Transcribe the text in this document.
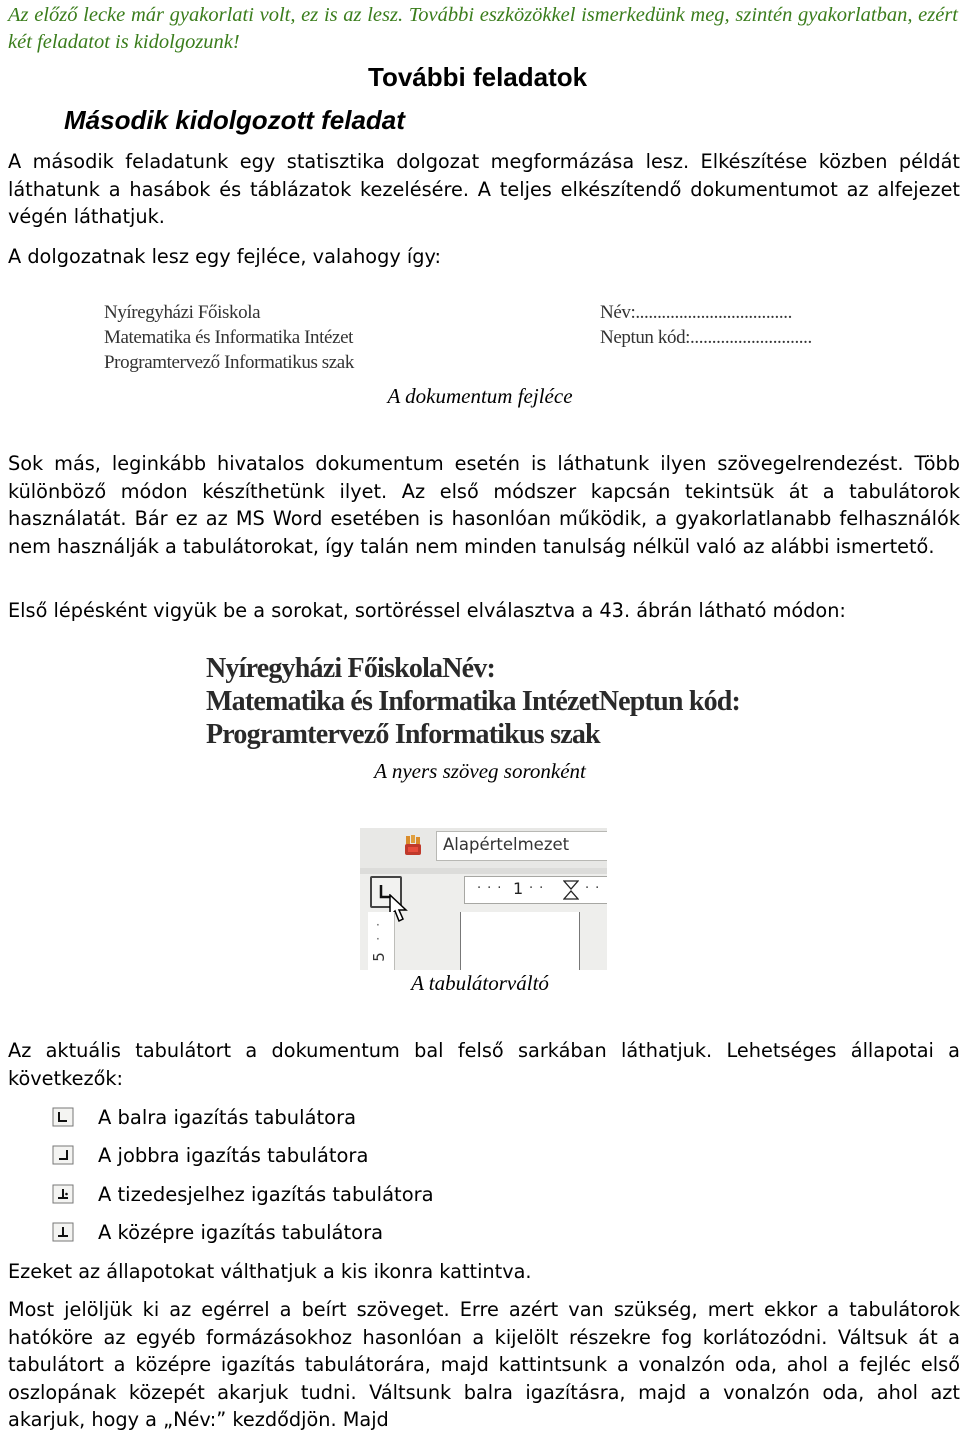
Az előző lecke már gyakorlati volt, ez is az lesz. További eszközökkel ismerkedünk meg, szintén gyakorlatban, ezért két feladatot is kidolgozunk!
További feladatok
Második kidolgozott feladat
A második feladatunk egy statisztika dolgozat megformázása lesz. Elkészítése közben példát láthatunk a hasábok és táblázatok kezelésére. A teljes elkészítendő dokumentumot az alfejezet végén láthatjuk.
A dolgozatnak lesz egy fejléce, valahogy így:
Nyíregyházi Főiskola
Matematika és Informatika Intézet
Programtervező Informatikus szak
Név:....................................
Neptun kód:............................
A dokumentum fejléce
Sok más, leginkább hivatalos dokumentum esetén is láthatunk ilyen szövegelrendezést. Több különböző módon készíthetünk ilyet. Az első módszer kapcsán tekintsük át a tabulátorok használatát. Bár ez az MS Word esetében is hasonlóan működik, a gyakorlatlanabb felhasználók nem használják a tabulátorokat, így talán nem minden tanulság nélkül való az alábbi ismertető.
Első lépésként vigyük be a sorokat, sortöréssel elválasztva a 43. ábrán látható módon:
Nyíregyházi FőiskolaNév:
Matematika és Informatika IntézetNeptun kód:
Programtervező Informatikus szak
A nyers szöveg soronként
Alapértelmezet
··· 1 ··	··
·
·
5
A tabulátorváltó
Az aktuális tabulátort a dokumentum bal felső sarkában láthatjuk. Lehetséges állapotai a következők:
A balra igazítás tabulátora
A jobbra igazítás tabulátora
A tizedesjelhez igazítás tabulátora
A középre igazítás tabulátora
Ezeket az állapotokat válthatjuk a kis ikonra kattintva.
Most jelöljük ki az egérrel a beírt szöveget. Erre azért van szükség, mert ekkor a tabulátorok hatóköre az egyéb formázásokhoz hasonlóan a kijelölt részekre fog korlátozódni. Váltsuk át a tabulátort a középre igazítás tabulátorára, majd kattintsunk a vonalzón oda, ahol a fejléc első oszlopának közepét akarjuk tudni. Váltsunk balra igazításra, majd a vonalzón oda, ahol azt akarjuk, hogy a „Név:” kezdődjön. Majd
